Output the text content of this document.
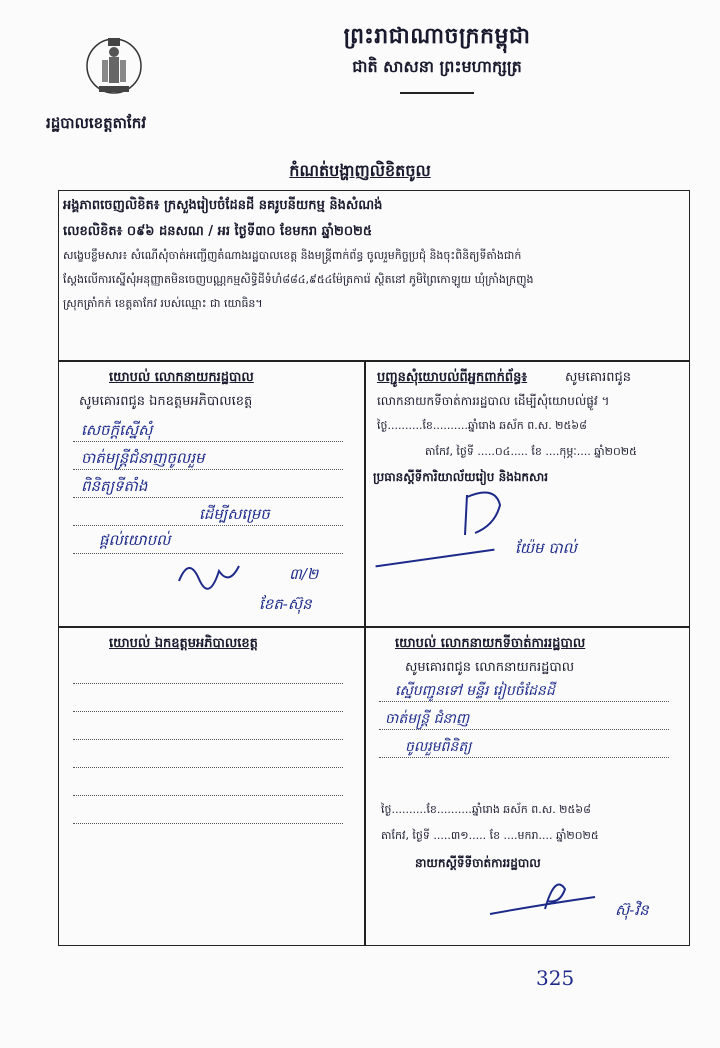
រដ្ឋបាលខេត្តតាកែវ
ព្រះរាជាណាចក្រកម្ពុជា
ជាតិ សាសនា ព្រះមហាក្សត្រ
កំណត់បង្ហាញលិខិតចូល
អង្គភាពចេញលិខិត៖ ក្រសួងរៀបចំដែនដី នគរូបនីយកម្ម និងសំណង់
លេខលិខិត៖ ០៩៦ ដនសណ / អរ ថ្ងៃទី៣០ ខែមករា ឆ្នាំ២០២៥
សង្ខេបខ្លឹមសារ៖ សំណើសុំចាត់អញ្ជើញតំណាងរដ្ឋបាលខេត្ត និងមន្ត្រីពាក់ព័ន្ធ ចូលរួមកិច្ចប្រជុំ និងចុះពិនិត្យទីតាំងជាក់
ស្តែងលើការស្នើសុំអនុញ្ញាតមិនចេញបណ្ណកម្មសិទ្ធិដីទំហំ៨៨៤,៩៥៤ម៉ែត្រការ៉េ ស្ថិតនៅ ភូមិព្រៃកោឡូយ ឃុំក្រាំងក្រញូង
ស្រុកត្រាំកក់ ខេត្តតាកែវ របស់ឈ្មោះ ជា យោធិន។
យោបល់ លោកនាយករដ្ឋបាល
សូមគោរពជូន ឯកឧត្តមអភិបាលខេត្ត
សេចក្ដីស្នើសុំ
ចាត់មន្ត្រីជំនាញចូលរួម
ពិនិត្យទីតាំង
ដើម្បីសម្រេច
ផ្ដល់យោបល់
៣/២
ខែត-ស៊ុន
បញ្ជូនសុំយោបល់ពីអ្នកពាក់ព័ន្ធ៖	សូមគោរពជូន
លោកនាយកទីចាត់ការរដ្ឋបាល ដើម្បីសុំយោបល់ផ្លូវ ។
ថ្ងៃ..........ខែ..........ឆ្នាំរោង ឆស័ក ព.ស. ២៥៦៨
តាកែវ, ថ្ងៃទី .....០៤..... ខែ ....កុម្ភៈ.... ឆ្នាំ២០២៥
ប្រធានស្ដីទីការិយាល័យរៀប និងឯកសារ
យ៉ែម បាល់
យោបល់ ឯកឧត្តមអភិបាលខេត្ត	យោបល់ លោកនាយកទីចាត់ការរដ្ឋបាល
សូមគោរពជូន លោកនាយករដ្ឋបាល
ស្នើបញ្ជូនទៅ មន្ទីរ រៀបចំដែនដី
ចាត់មន្ត្រី ជំនាញ
ចូលរួមពិនិត្យ
ថ្ងៃ..........ខែ..........ឆ្នាំរោង ឆស័ក ព.ស. ២៥៦៨
តាកែវ, ថ្ងៃទី .....៣១..... ខែ ....មករា.... ឆ្នាំ២០២៥
នាយកស្ដីទីទីចាត់ការរដ្ឋបាល
ស៊ុ-វិន
325
